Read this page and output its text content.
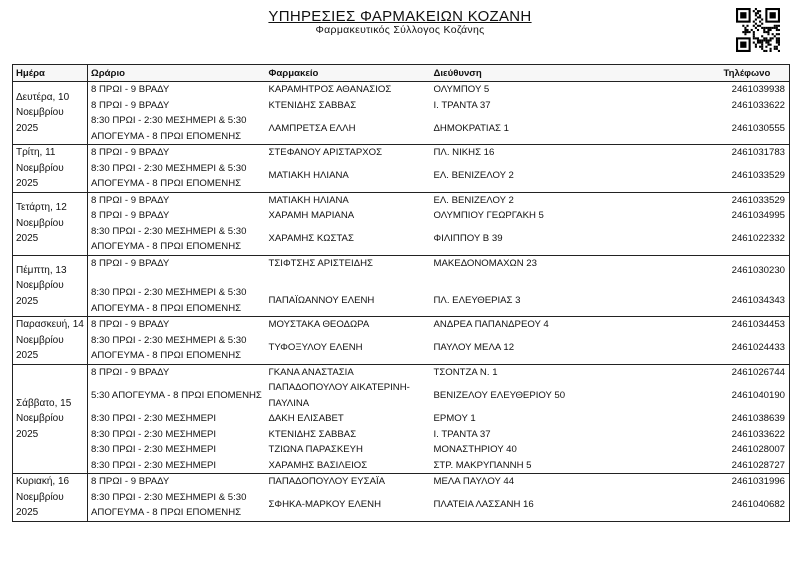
ΥΠΗΡΕΣΙΕΣ ΦΑΡΜΑΚΕΙΩΝ ΚΟΖΑΝΗ
Φαρμακευτικός Σύλλογος Κοζάνης
Ημέρα	Ωράριο	Φαρμακείο	Διεύθυνση	Τηλέφωνο
Δευτέρα, 10 Νοεμβρίου 2025	8 ΠΡΩΙ - 9 ΒΡΑΔΥ	ΚΑΡΑΜΗΤΡΟΣ ΑΘΑΝΑΣΙΟΣ	ΟΛΥΜΠΟΥ 5	2461039938
	8 ΠΡΩΙ - 9 ΒΡΑΔΥ	ΚΤΕΝΙΔΗΣ ΣΑΒΒΑΣ	Ι. ΤΡΑΝΤΑ 37	2461033622
	8:30 ΠΡΩΙ - 2:30 ΜΕΣΗΜΕΡΙ & 5:30 ΑΠΟΓΕΥΜΑ - 8 ΠΡΩΙ ΕΠΟΜΕΝΗΣ	ΛΑΜΠΡΕΤΣΑ ΕΛΛΗ	ΔΗΜΟΚΡΑΤΙΑΣ 1	2461030555
Τρίτη, 11 Νοεμβρίου 2025	8 ΠΡΩΙ - 9 ΒΡΑΔΥ	ΣΤΕΦΑΝΟΥ ΑΡΙΣΤΑΡΧΟΣ	ΠΛ. ΝΙΚΗΣ 16	2461031783
	8:30 ΠΡΩΙ - 2:30 ΜΕΣΗΜΕΡΙ & 5:30 ΑΠΟΓΕΥΜΑ - 8 ΠΡΩΙ ΕΠΟΜΕΝΗΣ	ΜΑΤΙΑΚΗ ΗΛΙΑΝΑ	ΕΛ. ΒΕΝΙΖΕΛΟΥ 2	2461033529
Τετάρτη, 12 Νοεμβρίου 2025	8 ΠΡΩΙ - 9 ΒΡΑΔΥ	ΜΑΤΙΑΚΗ ΗΛΙΑΝΑ	ΕΛ. ΒΕΝΙΖΕΛΟΥ 2	2461033529
	8 ΠΡΩΙ - 9 ΒΡΑΔΥ	ΧΑΡΑΜΗ ΜΑΡΙΑΝΑ	ΟΛΥΜΠΙΟΥ ΓΕΩΡΓΑΚΗ 5	2461034995
	8:30 ΠΡΩΙ - 2:30 ΜΕΣΗΜΕΡΙ & 5:30 ΑΠΟΓΕΥΜΑ - 8 ΠΡΩΙ ΕΠΟΜΕΝΗΣ	ΧΑΡΑΜΗΣ ΚΩΣΤΑΣ	ΦΙΛΙΠΠΟΥ Β 39	2461022332
Πέμπτη, 13 Νοεμβρίου 2025	8 ΠΡΩΙ - 9 ΒΡΑΔΥ	ΤΣΙΦΤΣΗΣ ΑΡΙΣΤΕΙΔΗΣ	ΜΑΚΕΔΟΝΟΜΑΧΩΝ 23	2461030230
	8:30 ΠΡΩΙ - 2:30 ΜΕΣΗΜΕΡΙ & 5:30 ΑΠΟΓΕΥΜΑ - 8 ΠΡΩΙ ΕΠΟΜΕΝΗΣ	ΠΑΠΑΪΩΑΝΝΟΥ ΕΛΕΝΗ	ΠΛ. ΕΛΕΥΘΕΡΙΑΣ 3	2461034343
Παρασκευή, 14 Νοεμβρίου 2025	8 ΠΡΩΙ - 9 ΒΡΑΔΥ	ΜΟΥΣΤΑΚΑ ΘΕΟΔΩΡΑ	ΑΝΔΡΕΑ ΠΑΠΑΝΔΡΕΟΥ 4	2461034453
	8:30 ΠΡΩΙ - 2:30 ΜΕΣΗΜΕΡΙ & 5:30 ΑΠΟΓΕΥΜΑ - 8 ΠΡΩΙ ΕΠΟΜΕΝΗΣ	ΤΥΦΟΞΥΛΟΥ ΕΛΕΝΗ	ΠΑΥΛΟΥ ΜΕΛΑ 12	2461024433
Σάββατο, 15 Νοεμβρίου 2025	8 ΠΡΩΙ - 9 ΒΡΑΔΥ	ΓΚΑΝΑ ΑΝΑΣΤΑΣΙΑ	ΤΣΟΝΤΖΑ Ν. 1	2461026744
	5:30 ΑΠΟΓΕΥΜΑ - 8 ΠΡΩΙ ΕΠΟΜΕΝΗΣ	ΠΑΠΑΔΟΠΟΥΛΟΥ ΑΙΚΑΤΕΡΙΝΗ-ΠΑΥΛΙΝΑ	ΒΕΝΙΖΕΛΟΥ ΕΛΕΥΘΕΡΙΟΥ 50	2461040190
	8:30 ΠΡΩΙ - 2:30 ΜΕΣΗΜΕΡΙ	ΔΑΚΗ ΕΛΙΣΑΒΕΤ	ΕΡΜΟΥ 1	2461038639
	8:30 ΠΡΩΙ - 2:30 ΜΕΣΗΜΕΡΙ	ΚΤΕΝΙΔΗΣ ΣΑΒΒΑΣ	Ι. ΤΡΑΝΤΑ 37	2461033622
	8:30 ΠΡΩΙ - 2:30 ΜΕΣΗΜΕΡΙ	ΤΖΙΩΝΑ ΠΑΡΑΣΚΕΥΗ	ΜΟΝΑΣΤΗΡΙΟΥ 40	2461028007
	8:30 ΠΡΩΙ - 2:30 ΜΕΣΗΜΕΡΙ	ΧΑΡΑΜΗΣ ΒΑΣΙΛΕΙΟΣ	ΣΤΡ. ΜΑΚΡΥΠΑΝΝΗ 5	2461028727
Κυριακή, 16 Νοεμβρίου 2025	8 ΠΡΩΙ - 9 ΒΡΑΔΥ	ΠΑΠΑΔΟΠΟΥΛΟΥ ΕΥΣΑΪΑ	ΜΕΛΑ ΠΑΥΛΟΥ 44	2461031996
	8:30 ΠΡΩΙ - 2:30 ΜΕΣΗΜΕΡΙ & 5:30 ΑΠΟΓΕΥΜΑ - 8 ΠΡΩΙ ΕΠΟΜΕΝΗΣ	ΣΦΗΚΑ-ΜΑΡΚΟΥ ΕΛΕΝΗ	ΠΛΑΤΕΙΑ ΛΑΣΣΑΝΗ 16	2461040682
